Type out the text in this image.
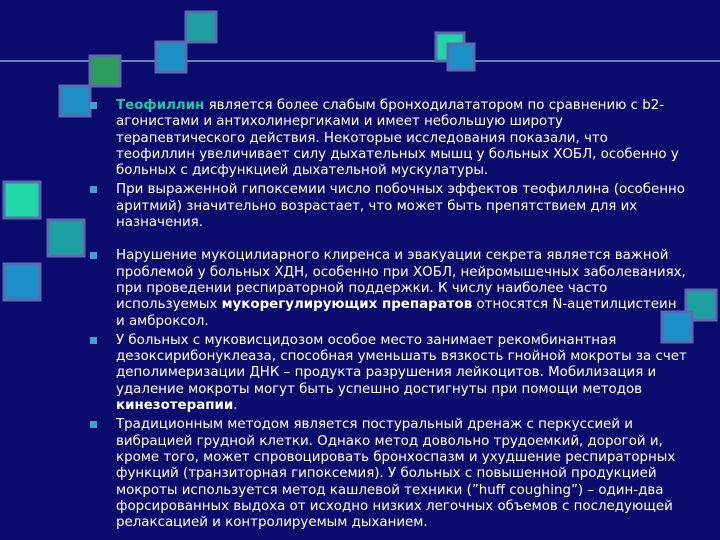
Теофиллин является более слабым бронходилататором по сравнению с b2-агонистами и антихолинергиками и имеет небольшую широту терапевтического действия. Некоторые исследования показали, что теофиллин увеличивает силу дыхательных мышц у больных ХОБЛ, особенно у больных с дисфункцией дыхательной мускулатуры.

При выраженной гипоксемии число побочных эффектов теофиллина (особенно аритмий) значительно возрастает, что может быть препятствием для их назначения.

Нарушение мукоцилиарного клиренса и эвакуации секрета является важной проблемой у больных ХДН, особенно при ХОБЛ, нейромышечных заболеваниях, при проведении респираторной поддержки. К числу наиболее часто используемых мукорегулирующих препаратов относятся N-ацетилцистеин и амброксол.

У больных с муковисцидозом особое место занимает рекомбинантная дезоксирибонуклеаза, способная уменьшать вязкость гнойной мокроты за счет деполимеризации ДНК – продукта разрушения лейкоцитов. Мобилизация и удаление мокроты могут быть успешно достигнуты при помощи методов кинезотерапии.

Традиционным методом является постуральный дренаж с перкуссией и вибрацией грудной клетки. Однако метод довольно трудоемкий, дорогой и, кроме того, может спровоцировать бронхоспазм и ухудшение респираторных функций (транзиторная гипоксемия). У больных с повышенной продукцией мокроты используется метод кашлевой техники (”huff coughing”) – один-два форсированных выдоха от исходно низких легочных объемов с последующей релаксацией и контролируемым дыханием.
